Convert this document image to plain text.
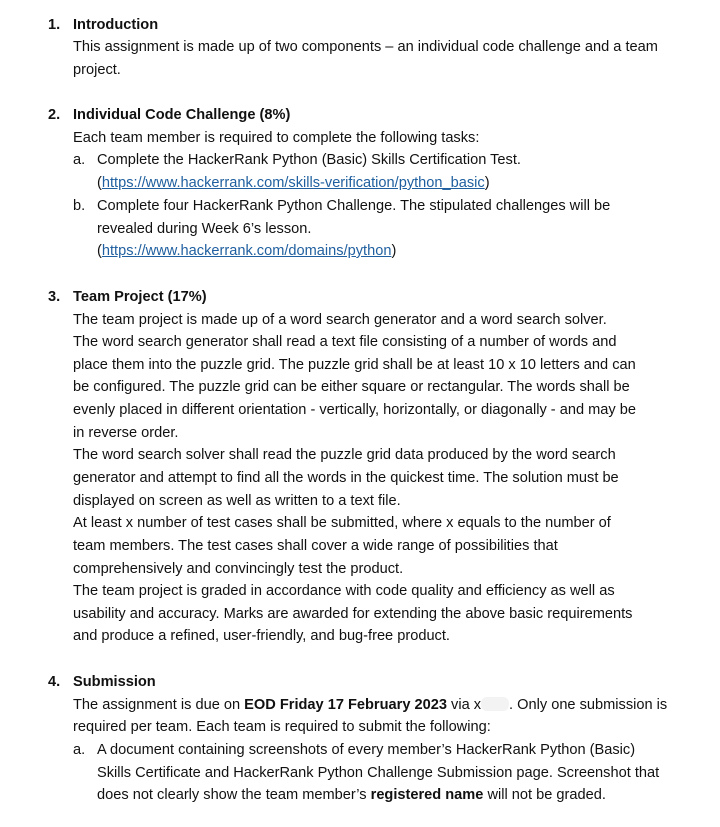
1. Introduction
This assignment is made up of two components – an individual code challenge and a team
project.
2. Individual Code Challenge (8%)
Each team member is required to complete the following tasks:
a. Complete the HackerRank Python (Basic) Skills Certification Test.
(https://www.hackerrank.com/skills-verification/python_basic)
b. Complete four HackerRank Python Challenge. The stipulated challenges will be
revealed during Week 6’s lesson.
(https://www.hackerrank.com/domains/python)
3. Team Project (17%)
The team project is made up of a word search generator and a word search solver.
The word search generator shall read a text file consisting of a number of words and
place them into the puzzle grid. The puzzle grid shall be at least 10 x 10 letters and can
be configured. The puzzle grid can be either square or rectangular. The words shall be
evenly placed in different orientation - vertically, horizontally, or diagonally - and may be
in reverse order.
The word search solver shall read the puzzle grid data produced by the word search
generator and attempt to find all the words in the quickest time. The solution must be
displayed on screen as well as written to a text file.
At least x number of test cases shall be submitted, where x equals to the number of
team members. The test cases shall cover a wide range of possibilities that
comprehensively and convincingly test the product.
The team project is graded in accordance with code quality and efficiency as well as
usability and accuracy. Marks are awarded for extending the above basic requirements
and produce a refined, user-friendly, and bug-free product.
4. Submission
The assignment is due on EOD Friday 17 February 2023 via x . Only one submission is
required per team. Each team is required to submit the following:
a. A document containing screenshots of every member’s HackerRank Python (Basic)
Skills Certificate and HackerRank Python Challenge Submission page. Screenshot that
does not clearly show the team member’s registered name will not be graded.
